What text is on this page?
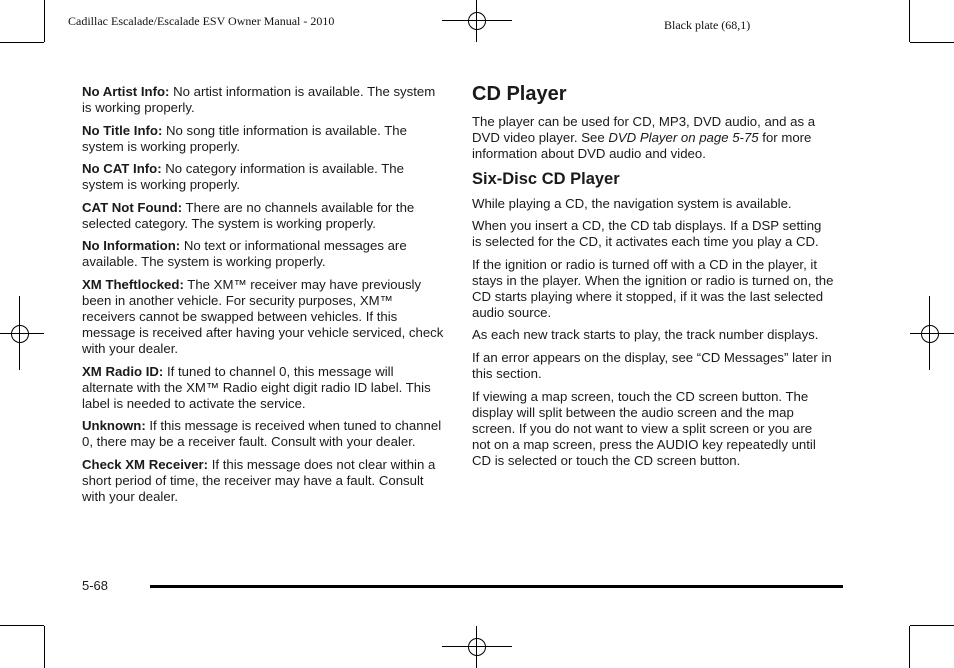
Cadillac Escalade/Escalade ESV Owner Manual - 2010	Black plate (68,1)

No Artist Info: No artist information is available. The system is working properly.

No Title Info: No song title information is available. The system is working properly.

No CAT Info: No category information is available. The system is working properly.

CAT Not Found: There are no channels available for the selected category. The system is working properly.

No Information: No text or informational messages are available. The system is working properly.

XM Theftlocked: The XM™ receiver may have previously been in another vehicle. For security purposes, XM™ receivers cannot be swapped between vehicles. If this message is received after having your vehicle serviced, check with your dealer.

XM Radio ID: If tuned to channel 0, this message will alternate with the XM™ Radio eight digit radio ID label. This label is needed to activate the service.

Unknown: If this message is received when tuned to channel 0, there may be a receiver fault. Consult with your dealer.

Check XM Receiver: If this message does not clear within a short period of time, the receiver may have a fault. Consult with your dealer.

CD Player

The player can be used for CD, MP3, DVD audio, and as a DVD video player. See DVD Player on page 5-75 for more information about DVD audio and video.

Six-Disc CD Player

While playing a CD, the navigation system is available.

When you insert a CD, the CD tab displays. If a DSP setting is selected for the CD, it activates each time you play a CD.

If the ignition or radio is turned off with a CD in the player, it stays in the player. When the ignition or radio is turned on, the CD starts playing where it stopped, if it was the last selected audio source.

As each new track starts to play, the track number displays.

If an error appears on the display, see “CD Messages” later in this section.

If viewing a map screen, touch the CD screen button. The display will split between the audio screen and the map screen. If you do not want to view a split screen or you are not on a map screen, press the AUDIO key repeatedly until CD is selected or touch the CD screen button.

5-68
